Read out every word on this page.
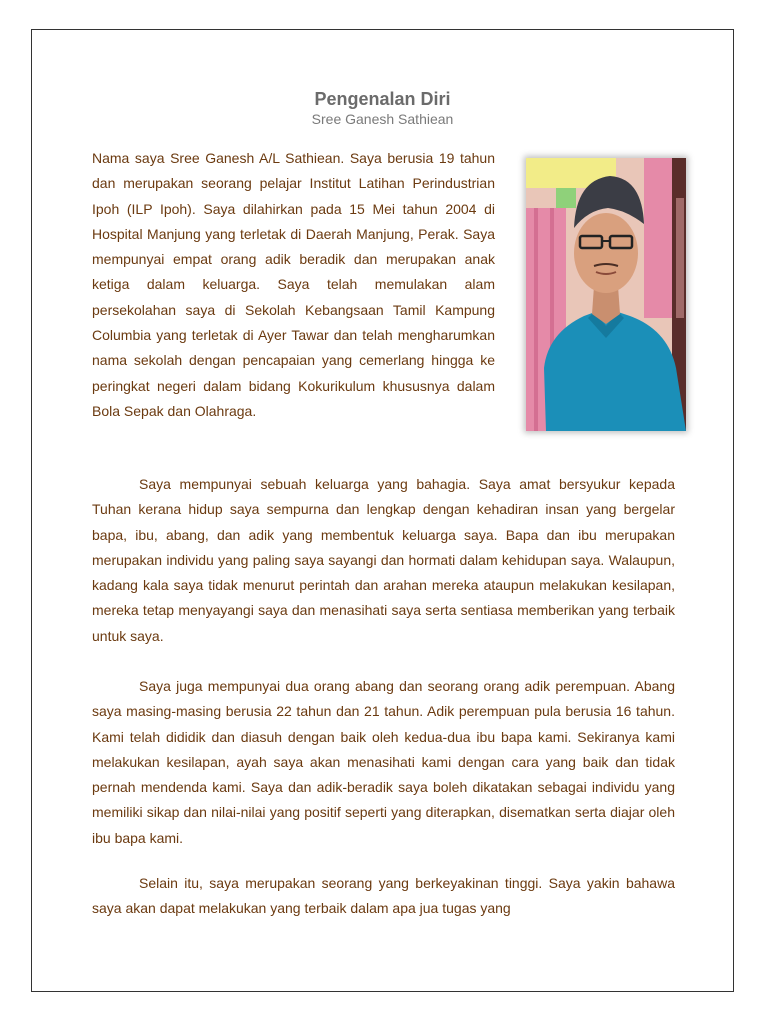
Pengenalan Diri
Sree Ganesh Sathiean

Nama saya Sree Ganesh A/L Sathiean. Saya berusia 19 tahun dan merupakan seorang pelajar Institut Latihan Perindustrian Ipoh (ILP Ipoh). Saya dilahirkan pada 15 Mei tahun 2004 di Hospital Manjung yang terletak di Daerah Manjung, Perak. Saya mempunyai empat orang adik beradik dan merupakan anak ketiga dalam keluarga. Saya telah memulakan alam persekolahan saya di Sekolah Kebangsaan Tamil Kampung Columbia yang terletak di Ayer Tawar dan telah mengharumkan nama sekolah dengan pencapaian yang cemerlang hingga ke peringkat negeri dalam bidang Kokurikulum khususnya dalam Bola Sepak dan Olahraga.

Saya mempunyai sebuah keluarga yang bahagia. Saya amat bersyukur kepada Tuhan kerana hidup saya sempurna dan lengkap dengan kehadiran insan yang bergelar bapa, ibu, abang, dan adik yang membentuk keluarga saya. Bapa dan ibu merupakan merupakan individu yang paling saya sayangi dan hormati dalam kehidupan saya. Walaupun, kadang kala saya tidak menurut perintah dan arahan mereka ataupun melakukan kesilapan, mereka tetap menyayangi saya dan menasihati saya serta sentiasa memberikan yang terbaik untuk saya.

Saya juga mempunyai dua orang abang dan seorang orang adik perempuan. Abang saya masing-masing berusia 22 tahun dan 21 tahun. Adik perempuan pula berusia 16 tahun. Kami telah dididik dan diasuh dengan baik oleh kedua-dua ibu bapa kami. Sekiranya kami melakukan kesilapan, ayah saya akan menasihati kami dengan cara yang baik dan tidak pernah mendenda kami. Saya dan adik-beradik saya boleh dikatakan sebagai individu yang memiliki sikap dan nilai-nilai yang positif seperti yang diterapkan, disematkan serta diajar oleh ibu bapa kami.

Selain itu, saya merupakan seorang yang berkeyakinan tinggi. Saya yakin bahawa saya akan dapat melakukan yang terbaik dalam apa jua tugas yang
